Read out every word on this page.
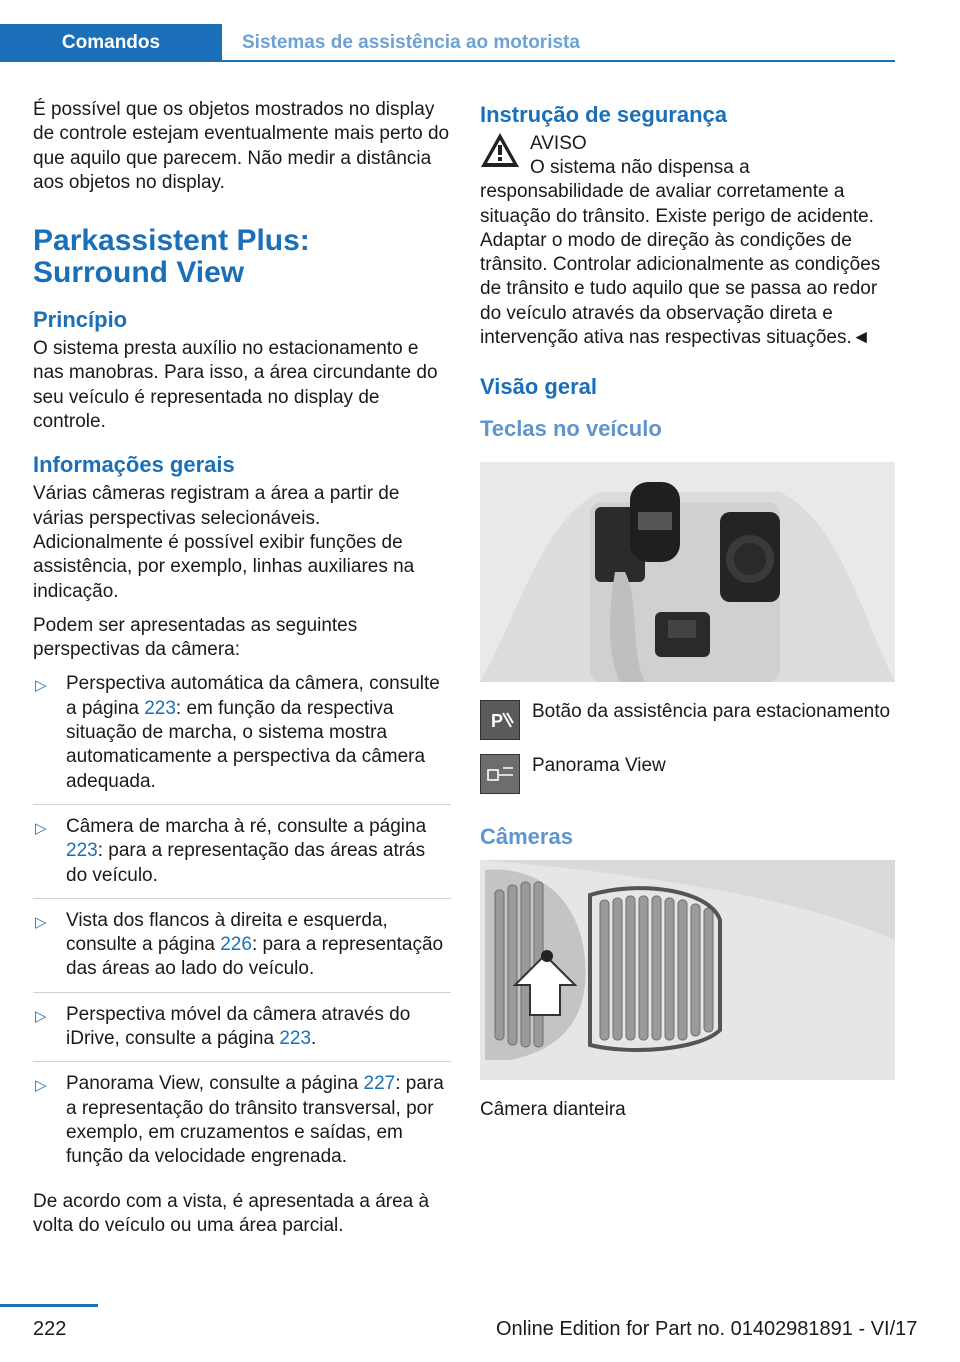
Comandos	Sistemas de assistência ao motorista

É possível que os objetos mostrados no display de controle estejam eventualmente mais perto do que aquilo que parecem. Não medir a distância aos objetos no display.

Parkassistent Plus: Surround View
Princípio

O sistema presta auxílio no estacionamento e nas manobras. Para isso, a área circundante do seu veículo é representada no display de controle.

Informações gerais

Várias câmeras registram a área a partir de várias perspectivas selecionáveis. Adicionalmente é possível exibir funções de assistência, por exemplo, linhas auxiliares na indicação.

Podem ser apresentadas as seguintes perspectivas da câmera:

▷ Perspectiva automática da câmera, consulte a página 223: em função da respectiva situação de marcha, o sistema mostra automaticamente a perspectiva da câmera adequada.
▷ Câmera de marcha à ré, consulte a página 223: para a representação das áreas atrás do veículo.
▷ Vista dos flancos à direita e esquerda, consulte a página 226: para a representação das áreas ao lado do veículo.
▷ Perspectiva móvel da câmera através do iDrive, consulte a página 223.
▷ Panorama View, consulte a página 227: para a representação do trânsito transversal, por exemplo, em cruzamentos e saídas, em função da velocidade engrenada.

De acordo com a vista, é apresentada a área à volta do veículo ou uma área parcial.

Instrução de segurança
AVISO

O sistema não dispensa a responsabilidade de avaliar corretamente a situação do trânsito. Existe perigo de acidente. Adaptar o modo de direção às condições de trânsito. Controlar adicionalmente as condições de trânsito e tudo aquilo que se passa ao redor do veículo através da observação direta e intervenção ativa nas respectivas situações.◄

Visão geral
Teclas no veículo
P Botão da assistência para estacionamento
Panorama View
Câmeras
Câmera dianteira
222	Online Edition for Part no. 01402981891 - VI/17
